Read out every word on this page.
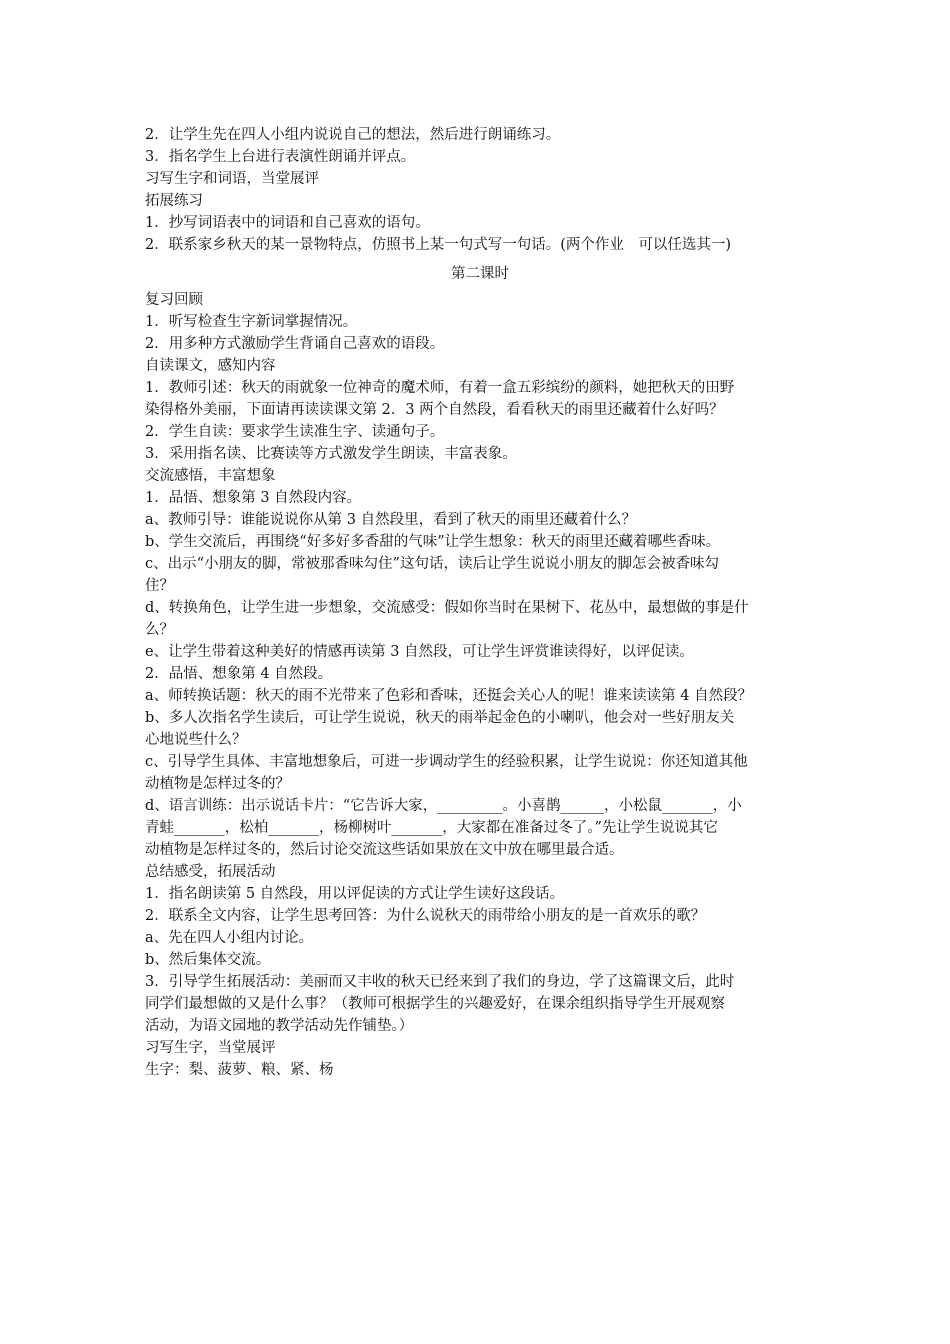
2．让学生先在四人小组内说说自己的想法，然后进行朗诵练习。
3．指名学生上台进行表演性朗诵并评点。
习写生字和词语，当堂展评
拓展练习
1．抄写词语表中的词语和自己喜欢的语句。
2．联系家乡秋天的某一景物特点，仿照书上某一句式写一句话。(两个作业　可以任选其一)
第二课时
复习回顾
1．听写检查生字新词掌握情况。
2．用多种方式激励学生背诵自己喜欢的语段。
自读课文，感知内容
1．教师引述：秋天的雨就象一位神奇的魔术师，有着一盒五彩缤纷的颜料，她把秋天的田野
染得格外美丽，下面请再读读课文第 2．3 两个自然段，看看秋天的雨里还藏着什么好吗？
2．学生自读：要求学生读准生字、读通句子。
3．采用指名读、比赛读等方式激发学生朗读，丰富表象。
交流感悟，丰富想象
1．品悟、想象第 3 自然段内容。
a、教师引导：谁能说说你从第 3 自然段里，看到了秋天的雨里还藏着什么？
b、学生交流后，再围绕“好多好多香甜的气味”让学生想象：秋天的雨里还藏着哪些香味。
c、出示“小朋友的脚，常被那香味勾住”这句话，读后让学生说说小朋友的脚怎会被香味勾
住？
d、转换角色，让学生进一步想象，交流感受：假如你当时在果树下、花丛中，最想做的事是什
么？
e、让学生带着这种美好的情感再读第 3 自然段，可让学生评赏谁读得好，以评促读。
2．品悟、想象第 4 自然段。
a、师转换话题：秋天的雨不光带来了色彩和香味，还挺会关心人的呢！谁来读读第 4 自然段？
b、多人次指名学生读后，可让学生说说，秋天的雨举起金色的小喇叭，他会对一些好朋友关
心地说些什么？
c、引导学生具体、丰富地想象后，可进一步调动学生的经验积累，让学生说说：你还知道其他
动植物是怎样过冬的？
d、语言训练：出示说话卡片：“它告诉大家，_________。小喜鹊______，小松鼠_______，小
青蛙_______，松柏_______，杨柳树叶_______，大家都在准备过冬了。”先让学生说说其它
动植物是怎样过冬的，然后讨论交流这些话如果放在文中放在哪里最合适。
总结感受，拓展活动
1．指名朗读第 5 自然段，用以评促读的方式让学生读好这段话。
2．联系全文内容，让学生思考回答：为什么说秋天的雨带给小朋友的是一首欢乐的歌？
a、先在四人小组内讨论。
b、然后集体交流。
3．引导学生拓展活动：美丽而又丰收的秋天已经来到了我们的身边，学了这篇课文后，此时
同学们最想做的又是什么事？（教师可根据学生的兴趣爱好，在课余组织指导学生开展观察
活动，为语文园地的教学活动先作铺垫。）
习写生字，当堂展评
生字：梨、菠萝、粮、紧、杨
